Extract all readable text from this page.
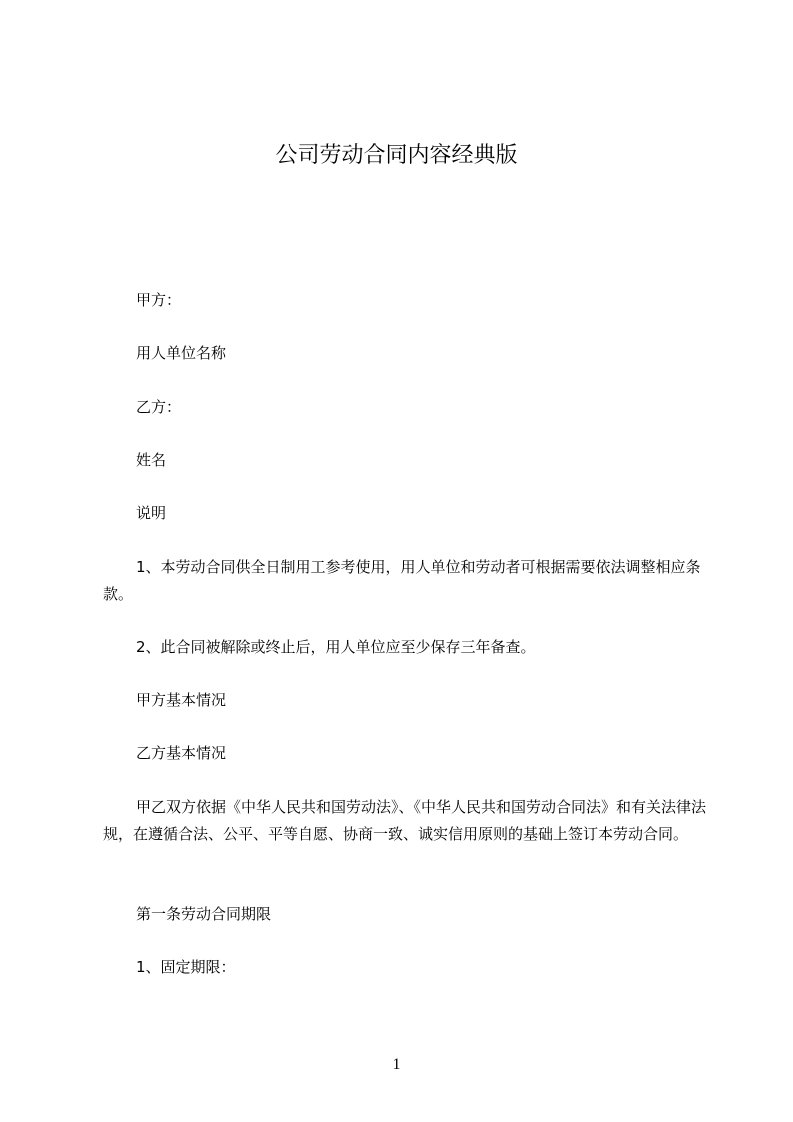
公司劳动合同内容经典版
甲方：
用人单位名称
乙方：
姓名
说明
1、本劳动合同供全日制用工参考使用，用人单位和劳动者可根据需要依法调整相应条款。
2、此合同被解除或终止后，用人单位应至少保存三年备查。
甲方基本情况
乙方基本情况
甲乙双方依据《中华人民共和国劳动法》、《中华人民共和国劳动合同法》和有关法律法规，在遵循合法、公平、平等自愿、协商一致、诚实信用原则的基础上签订本劳动合同。
第一条劳动合同期限
1、固定期限：
1
